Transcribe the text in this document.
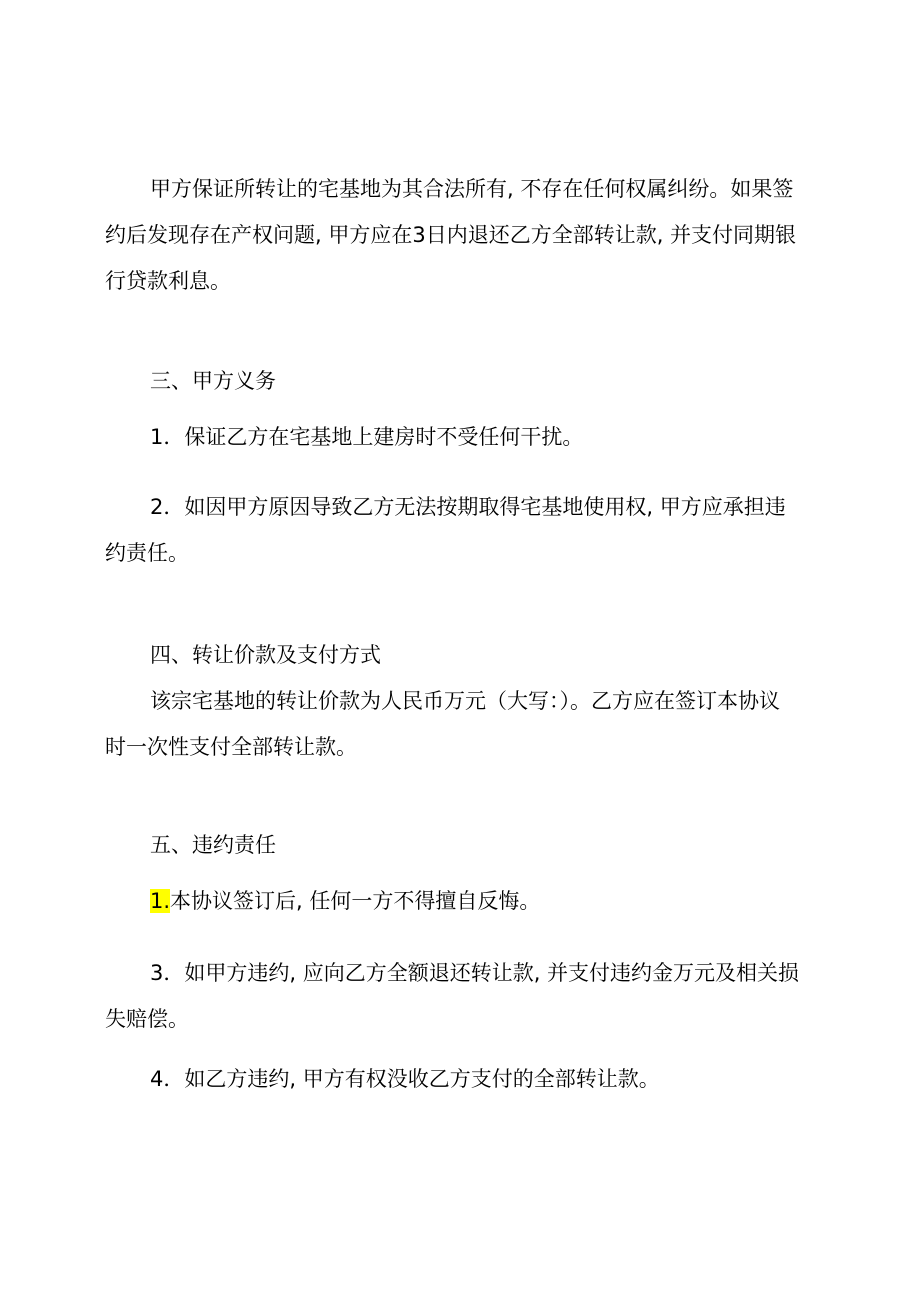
甲方保证所转让的宅基地为其合法所有, 不存在任何权属纠纷。如果签
约后发现存在产权问题, 甲方应在3日内退还乙方全部转让款, 并支付同期银
行贷款利息。
三、甲方义务
1．保证乙方在宅基地上建房时不受任何干扰。
2．如因甲方原因导致乙方无法按期取得宅基地使用权, 甲方应承担违
约责任。
四、转让价款及支付方式
该宗宅基地的转让价款为人民币万元（大写：）。乙方应在签订本协议
时一次性支付全部转让款。
五、违约责任
1.本协议签订后, 任何一方不得擅自反悔。
3．如甲方违约, 应向乙方全额退还转让款, 并支付违约金万元及相关损
失赔偿。
4．如乙方违约, 甲方有权没收乙方支付的全部转让款。
